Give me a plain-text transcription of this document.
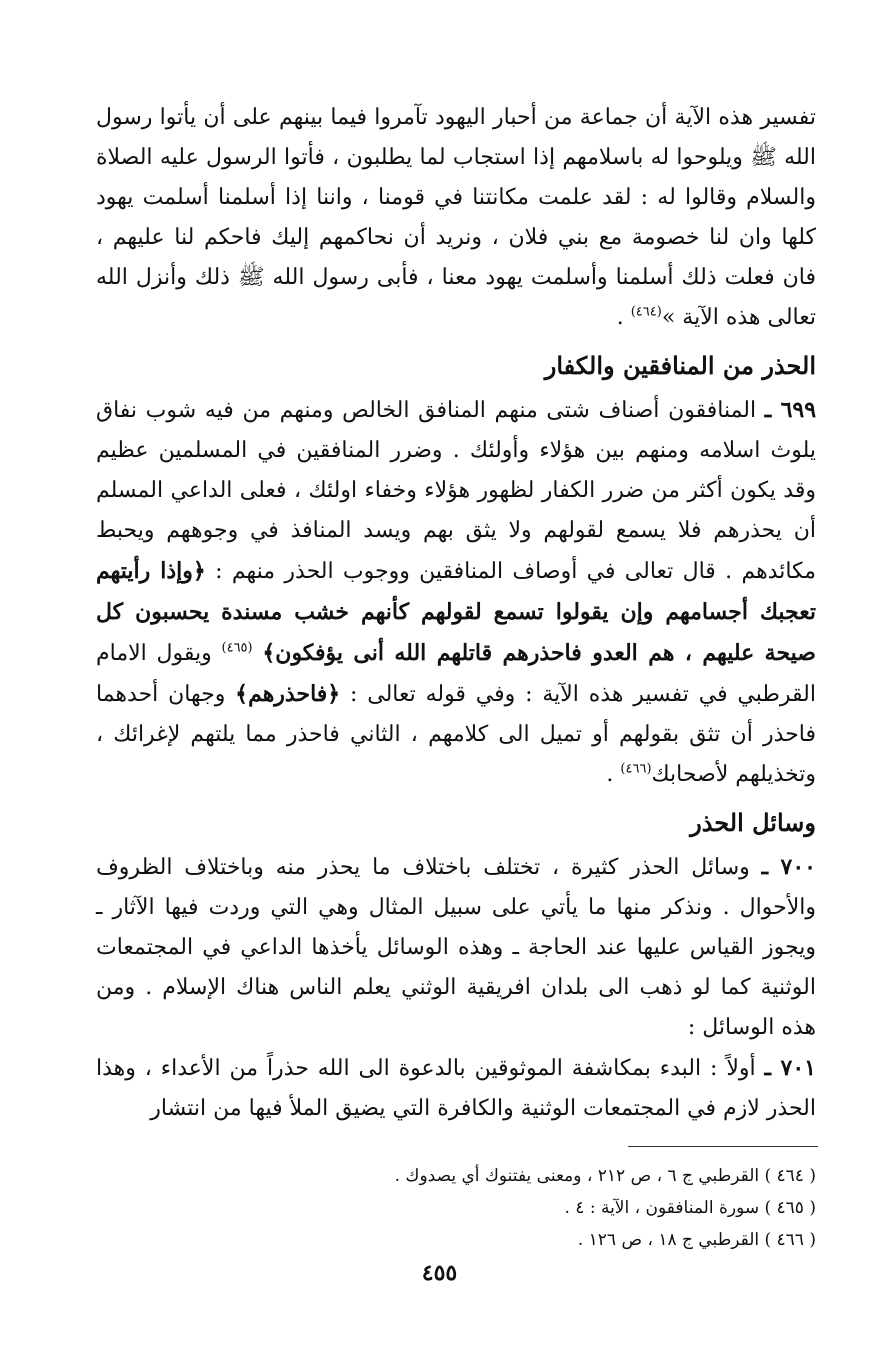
تفسير هذه الآية أن جماعة من أحبار اليهود تآمروا فيما بينهم على أن يأتوا رسول الله ﷺ ويلوحوا له باسلامهم إذا استجاب لما يطلبون ، فأتوا الرسول عليه الصلاة والسلام وقالوا له : لقد علمت مكانتنا في قومنا ، واننا إذا أسلمنا أسلمت يهود كلها وان لنا خصومة مع بني فلان ، ونريد أن نحاكمهم إليك فاحكم لنا عليهم ، فان فعلت ذلك أسلمنا وأسلمت يهود معنا ، فأبى رسول الله ﷺ ذلك وأنزل الله تعالى هذه الآية »$^{(٤٦٤)}$ .

الحذر من المنافقين والكفار

٦٩٩ ـ المنافقون أصناف شتى منهم المنافق الخالص ومنهم من فيه شوب نفاق يلوث اسلامه ومنهم بين هؤلاء وأولئك . وضرر المنافقين في المسلمين عظيم وقد يكون أكثر من ضرر الكفار لظهور هؤلاء وخفاء اولئك ، فعلى الداعي المسلم أن يحذرهم فلا يسمع لقولهم ولا يثق بهم ويسد المنافذ في وجوههم ويحبط مكائدهم . قال تعالى في أوصاف المنافقين ووجوب الحذر منهم : ﴿وإذا رأيتهم تعجبك أجسامهم وإن يقولوا تسمع لقولهم كأنهم خشب مسندة يحسبون كل صيحة عليهم ، هم العدو فاحذرهم قاتلهم الله أنى يؤفكون﴾ $^{(٤٦٥)}$ ويقول الامام القرطبي في تفسير هذه الآية : وفي قوله تعالى : ﴿فاحذرهم﴾ وجهان أحدهما فاحذر أن تثق بقولهم أو تميل الى كلامهم ، الثاني فاحذر مما يلتهم لإغرائك ، وتخذيلهم لأصحابك$^{(٤٦٦)}$ .

وسائل الحذر

٧٠٠ ـ وسائل الحذر كثيرة ، تختلف باختلاف ما يحذر منه وباختلاف الظروف والأحوال . ونذكر منها ما يأتي على سبيل المثال وهي التي وردت فيها الآثار ـ ويجوز القياس عليها عند الحاجة ـ وهذه الوسائل يأخذها الداعي في المجتمعات الوثنية كما لو ذهب الى بلدان افريقية الوثني يعلم الناس هناك الإسلام . ومن هذه الوسائل :

٧٠١ ـ أولاً : البدء بمكاشفة الموثوقين بالدعوة الى الله حذراً من الأعداء ، وهذا الحذر لازم في المجتمعات الوثنية والكافرة التي يضيق الملأ فيها من انتشار

( ٤٦٤ ) القرطبي ج ٦ ، ص ٢١٢ ، ومعنى يفتنوك أي يصدوك .

( ٤٦٥ ) سورة المنافقون ، الآية : ٤ .

( ٤٦٦ ) القرطبي ج ١٨ ، ص ١٢٦ .

٤٥٥
